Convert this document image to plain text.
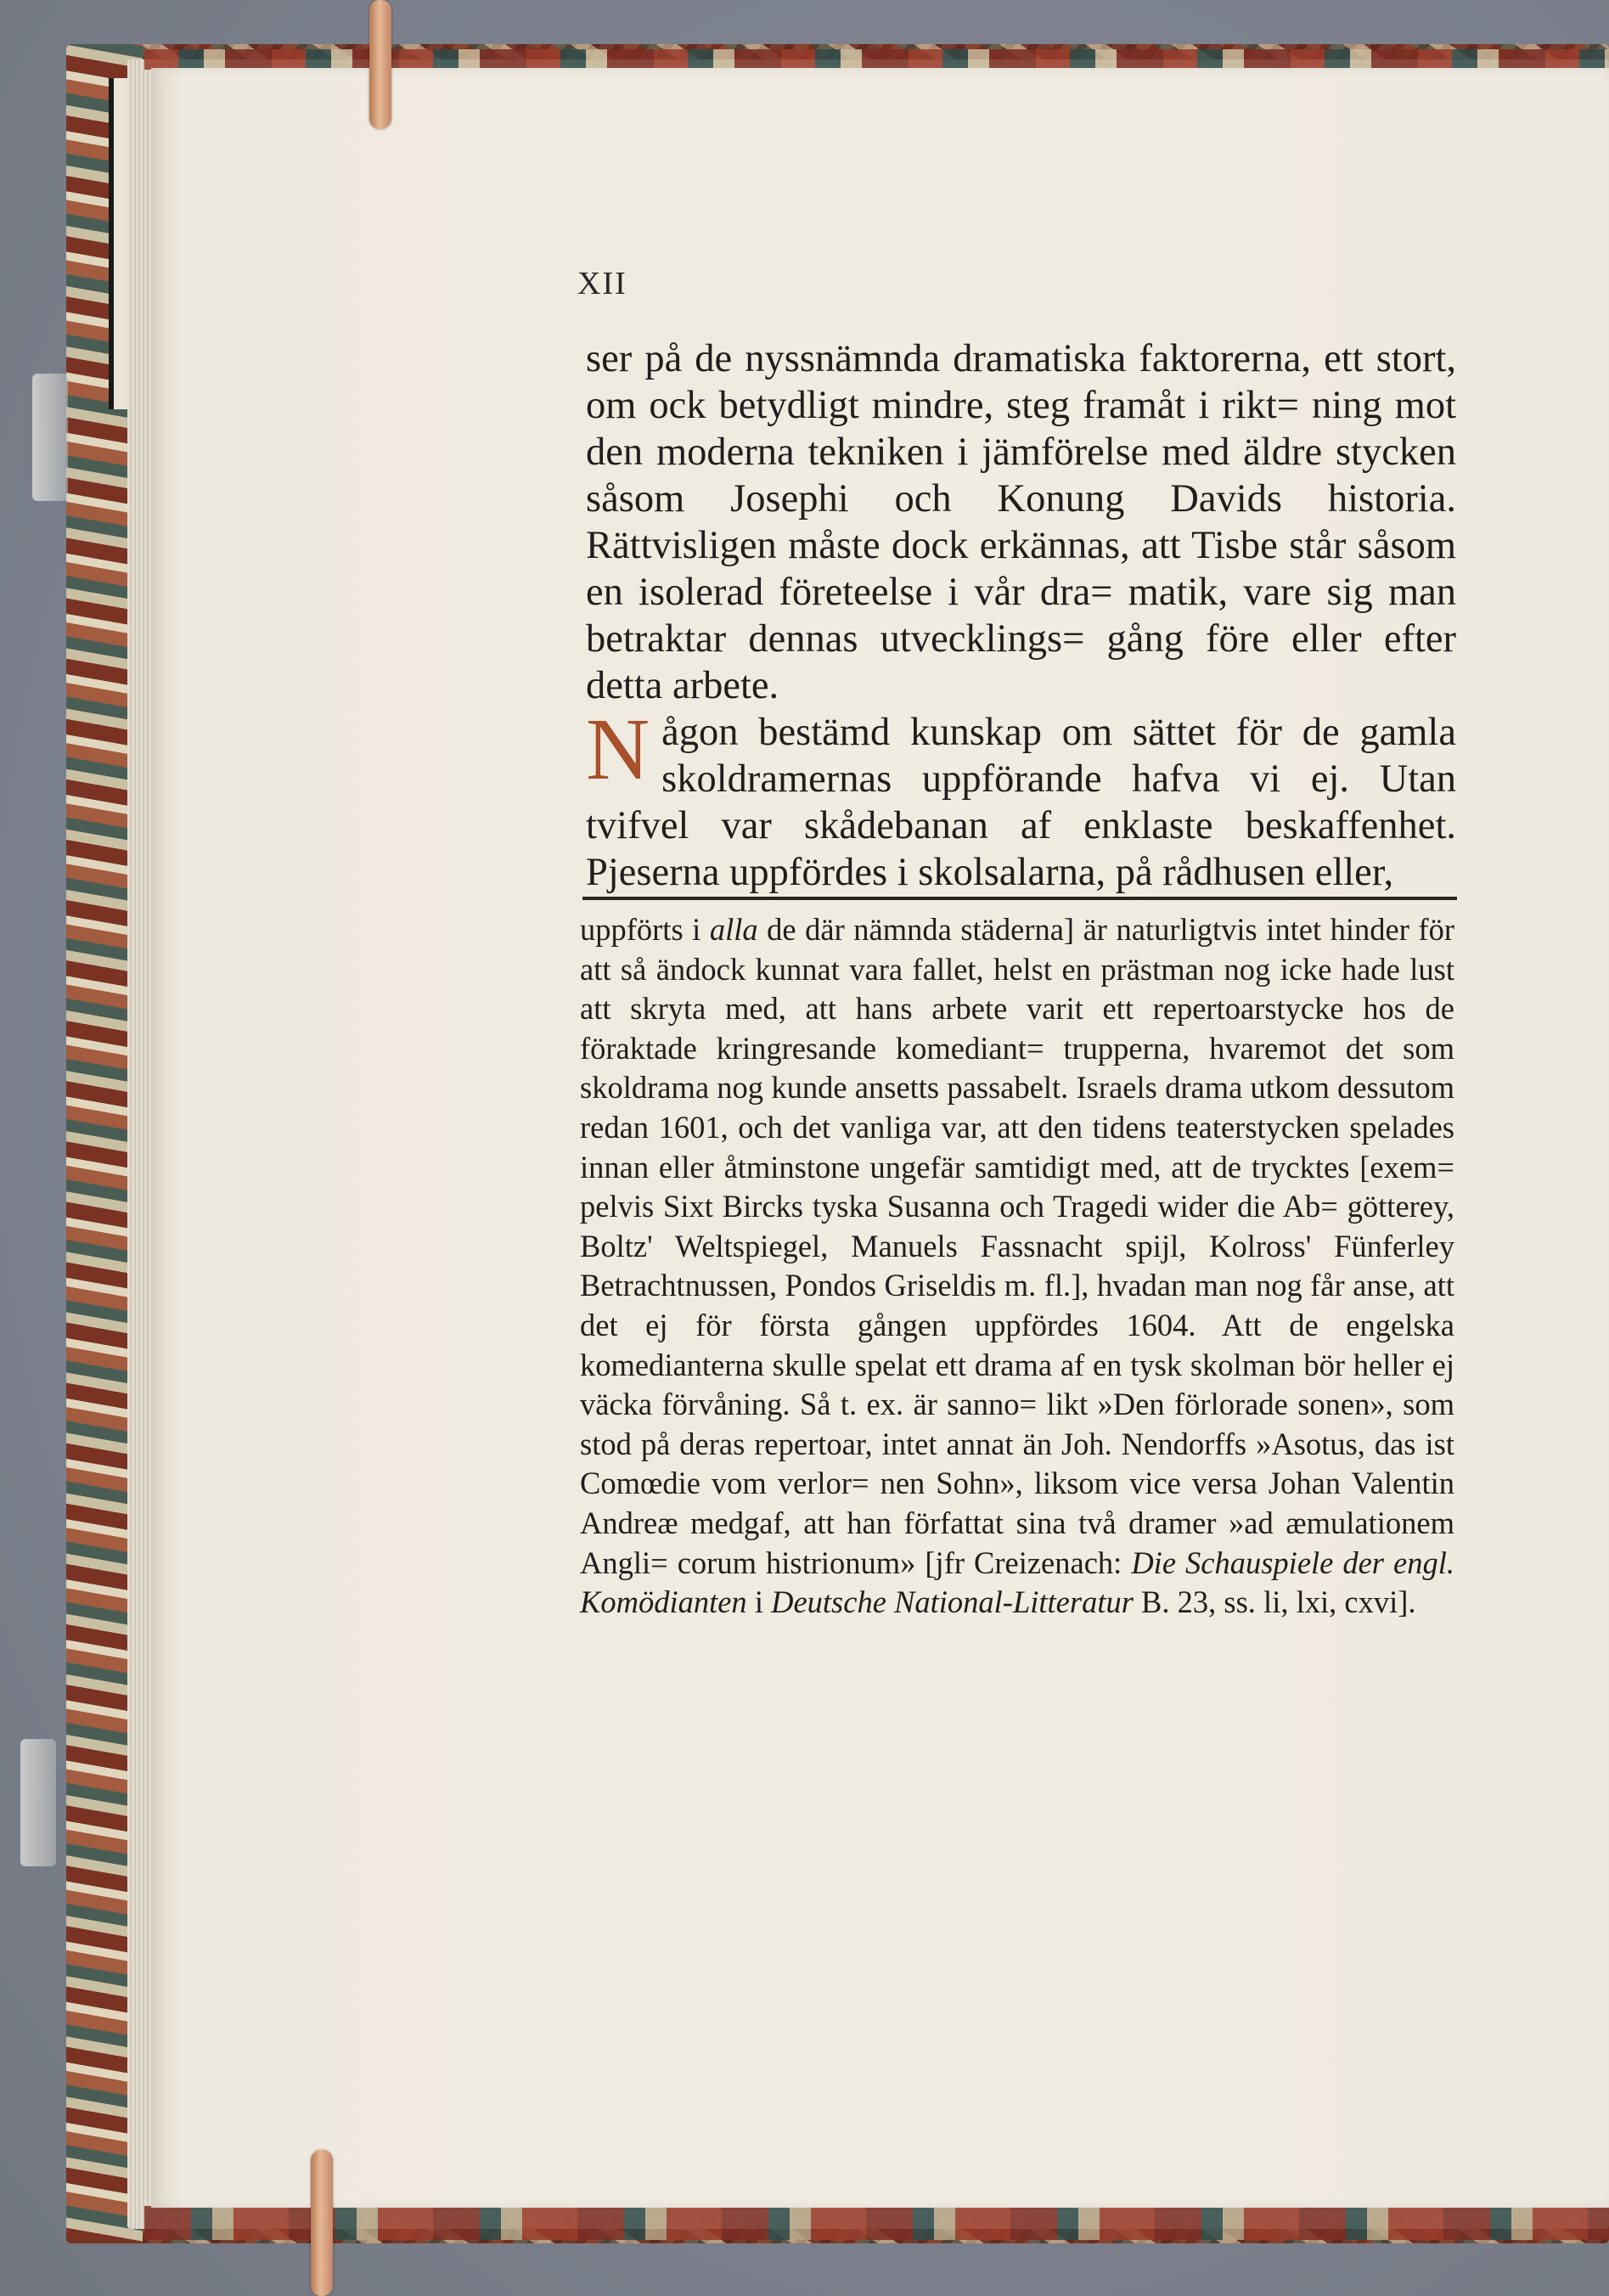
XII

ser på de nyssnämnda dramatiska faktorerna, ett stort, om ock betydligt mindre, steg framåt i rikt= ning mot den moderna tekniken i jämförelse med äldre stycken såsom Josephi och Konung Davids historia. Rättvisligen måste dock erkännas, att Tisbe står såsom en isolerad företeelse i vår dra= matik, vare sig man betraktar dennas utvecklings= gång före eller efter detta arbete.

Någon bestämd kunskap om sättet för de gamla skoldramernas uppförande hafva vi ej. Utan tvifvel var skådebanan af enklaste beskaffenhet. Pjeserna uppfördes i skolsalarna, på rådhusen eller,

uppförts i alla de där nämnda städerna] är naturligtvis intet hinder för att så ändock kunnat vara fallet, helst en prästman nog icke hade lust att skryta med, att hans arbete varit ett repertoarstycke hos de föraktade kringresande komediant= trupperna, hvaremot det som skoldrama nog kunde ansetts passabelt. Israels drama utkom dessutom redan 1601, och det vanliga var, att den tidens teaterstycken spelades innan eller åtminstone ungefär samtidigt med, att de trycktes [exem= pelvis Sixt Bircks tyska Susanna och Tragedi wider die Ab= götterey, Boltz' Weltspiegel, Manuels Fassnacht spijl, Kolross' Fünferley Betrachtnussen, Pondos Griseldis m. fl.], hvadan man nog får anse, att det ej för första gången uppfördes 1604. Att de engelska komedianterna skulle spelat ett drama af en tysk skolman bör heller ej väcka förvåning. Så t. ex. är sanno= likt »Den förlorade sonen», som stod på deras repertoar, intet annat än Joh. Nendorffs »Asotus, das ist Comœdie vom verlor= nen Sohn», liksom vice versa Johan Valentin Andreæ medgaf, att han författat sina två dramer »ad æmulationem Angli= corum histrionum» [jfr Creizenach: Die Schauspiele der engl. Komödianten i Deutsche National-Litteratur B. 23, ss. li, lxi, cxvi].
